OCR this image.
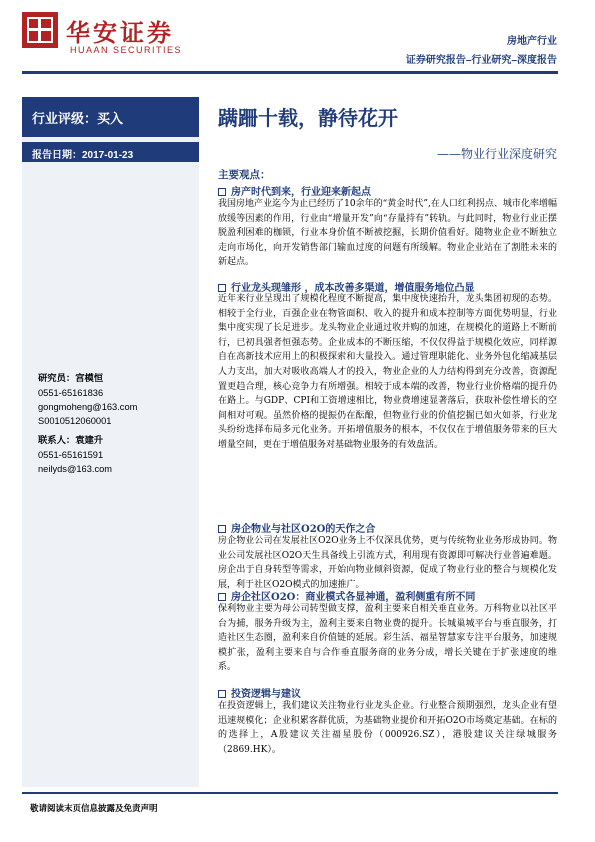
华安证券
HUAAN SECURITIES
房地产行业
证券研究报告–行业研究–深度报告
行业评级：买入
报告日期：2017-01-23
研究员：宫模恒
0551-65161836
gongmoheng@163.com
S0010512060001
联系人：袁建升
0551-65161591
neilyds@163.com
蹒跚十载，静待花开
——物业行业深度研究
主要观点：
房产时代到来，行业迎来新起点
我国房地产业迄今为止已经历了10余年的“黄金时代”,在人口红利拐点、城市化率增幅放缓等因素的作用，行业由“增量开发”向“存量持有”转轨。与此同时，物业行业正摆脱盈利困难的枷锁，行业本身价值不断被挖掘，长期价值看好。随物业企业不断独立走向市场化，向开发销售部门输血过度的问题有所缓解。物业企业站在了割胜未来的新起点。
行业龙头现雏形 ，成本改善多渠道，增值服务地位凸显
近年来行业呈现出了规模化程度不断提高，集中度快速抬升，龙头集团初现的态势。相较于全行业，百强企业在物管面积、收入的提升和成本控制等方面优势明显，行业集中度实现了长足进步。龙头物业企业通过收并购的加速，在规模化的道路上不断前行，已初具强者恒强态势。企业成本的不断压缩，不仅仅得益于规模化效应，同样源自在高新技术应用上的积极探索和大量投入。通过管理职能化、业务外包化缩减基层人力支出，加大对吸收高端人才的投入，物业企业的人力结构得到充分改善，资源配置更趋合理，核心竞争力有所增强。相较于成本端的改善，物业行业价格端的提升仍在路上。与GDP、CPI和工资增速相比，物业费增速显著落后，获取补偿性增长的空间相对可观。虽然价格的提振仍在酝酿，但物业行业的价值挖掘已如火如荼，行业龙头纷纷选择布局多元化业务。开拓增值服务的根本，不仅仅在于增值服务带来的巨大增量空间，更在于增值服务对基础物业服务的有效盘活。
房企物业与社区O2O的天作之合
房企物业公司在发展社区O2O业务上不仅深具优势，更与传统物业业务形成协同。物业公司发展社区O2O天生具备线上引流方式，利用现有资源即可解决行业普遍难题。房企出于自身转型等需求，开始向物业倾斜资源，促成了物业行业的整合与规模化发展，利于社区O2O模式的加速推广。
房企社区O2O：商业模式各显神通，盈利侧重有所不同
保利物业主要为母公司转型做支撑，盈利主要来自相关垂直业务。万科物业以社区平台为捕，服务升级为主，盈利主要来自物业费的提升。长城巢城平台与垂直服务，打造社区生态圈，盈利来自价值链的延展。彩生活、福星智慧家专注平台服务，加速规模扩张，盈利主要来自与合作垂直服务商的业务分成，增长关键在于扩张速度的维系。
投资逻辑与建议
在投资逻辑上，我们建议关注物业行业龙头企业。行业整合预期强烈，龙头企业有望迅速规模化；企业积累客群优质，为基础物业提价和开拓O2O市场奠定基础。在标的的选择上，A股建议关注福星股份（000926.SZ），港股建议关注绿城服务（2869.HK）。
敬请阅读末页信息披露及免责声明
